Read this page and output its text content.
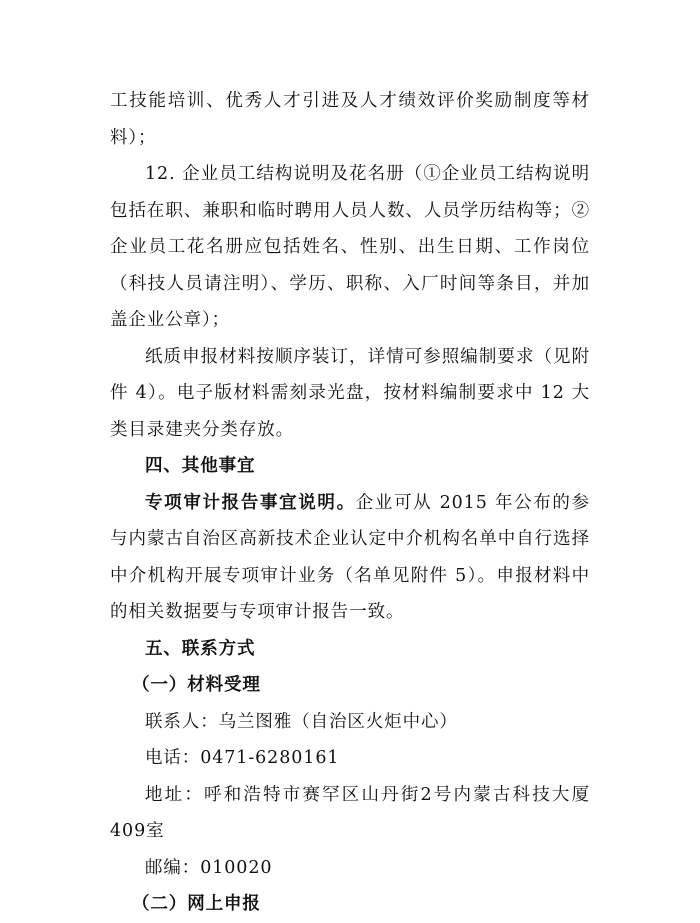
工技能培训、优秀人才引进及人才绩效评价奖励制度等材料）；

12. 企业员工结构说明及花名册（①企业员工结构说明包括在职、兼职和临时聘用人员人数、人员学历结构等；②企业员工花名册应包括姓名、性别、出生日期、工作岗位（科技人员请注明）、学历、职称、入厂时间等条目，并加盖企业公章）；

纸质申报材料按顺序装订，详情可参照编制要求（见附件 4）。电子版材料需刻录光盘，按材料编制要求中 12 大类目录建夹分类存放。

四、其他事宜

专项审计报告事宜说明。企业可从 2015 年公布的参与内蒙古自治区高新技术企业认定中介机构名单中自行选择中介机构开展专项审计业务（名单见附件 5）。申报材料中的相关数据要与专项审计报告一致。

五、联系方式

（一）材料受理

联系人：乌兰图雅（自治区火炬中心）

电话：0471-6280161

地址：呼和浩特市赛罕区山丹街2号内蒙古科技大厦409室

邮编：010020

（二）网上申报
